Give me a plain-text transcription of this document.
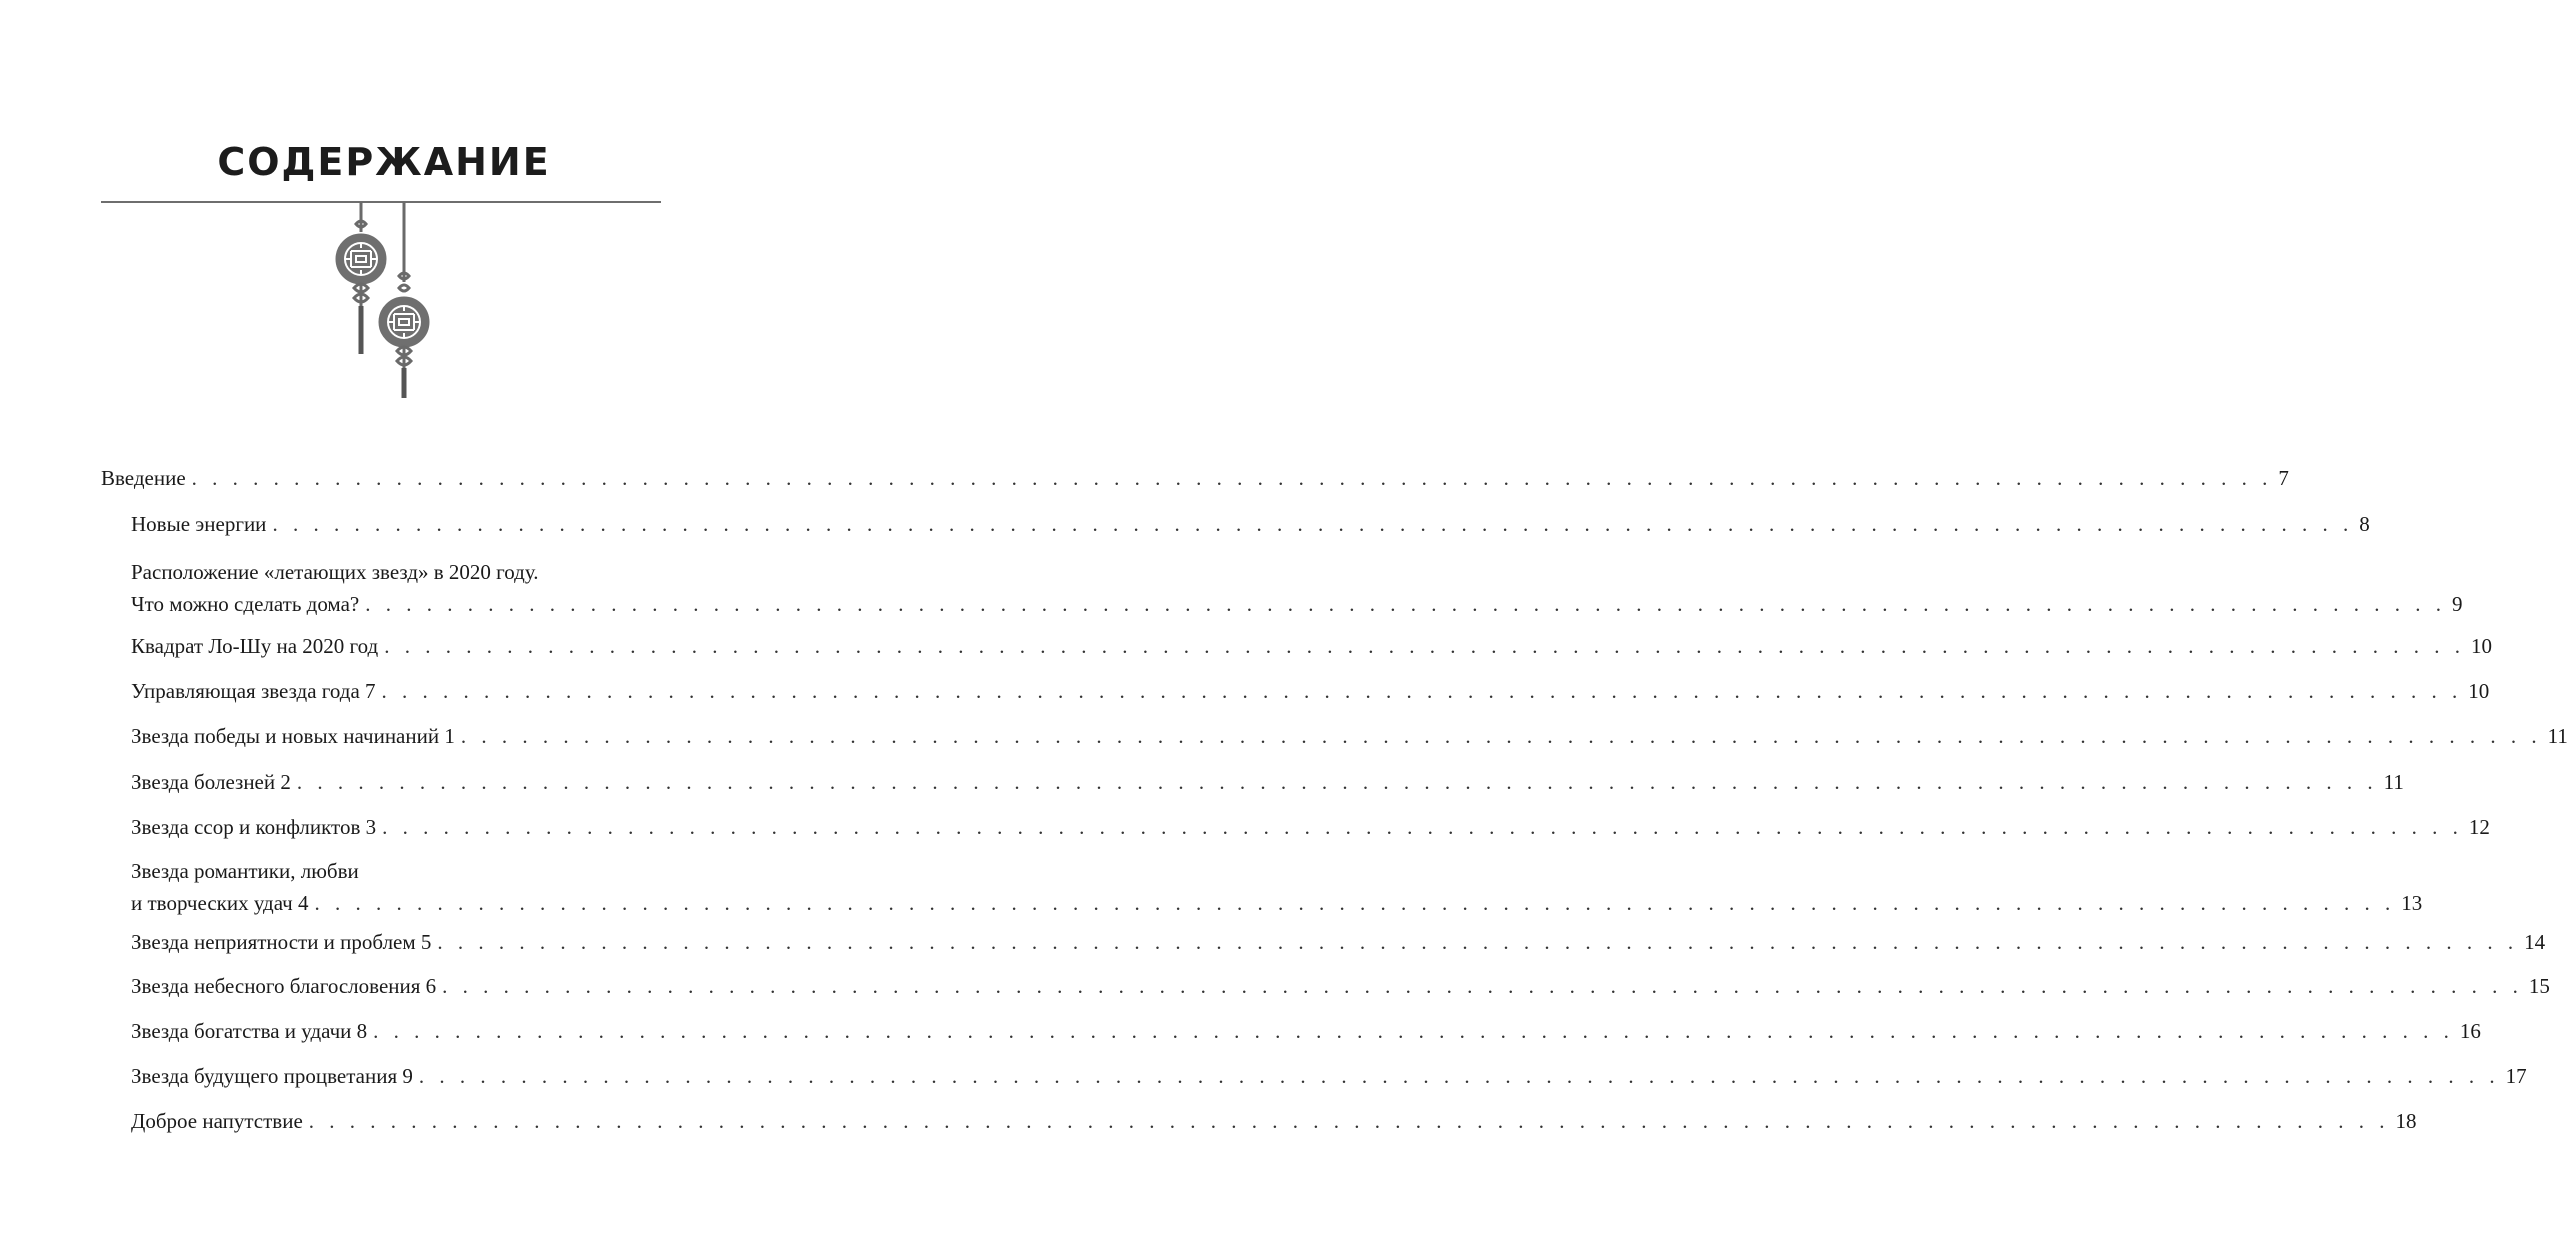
СОДЕРЖАНИЕ
Введение . . . . . . . . . . . . . . . . . . . . . . . . . . . . . . . . . . . . . . . . . . . . . . . . . . . . . . . . . . . . . . . . . . . . . . . . . . . . . . . . . . . . . . . . . . . . . . . . . . . . . . 7
Новые энергии . . . . . . . . . . . . . . . . . . . . . . . . . . . . . . . . . . . . . . . . . . . . . . . . . . . . . . . . . . . . . . . . . . . . . . . . . . . . . . . . . . . . . . . . . . . . . . . . . . . . . . 8
Расположение «летающих звезд» в 2020 году.
Что можно сделать дома? . . . . . . . . . . . . . . . . . . . . . . . . . . . . . . . . . . . . . . . . . . . . . . . . . . . . . . . . . . . . . . . . . . . . . . . . . . . . . . . . . . . . . . . . . . . . . . . . . . . . . . 9
Квадрат Ло-Шу на 2020 год . . . . . . . . . . . . . . . . . . . . . . . . . . . . . . . . . . . . . . . . . . . . . . . . . . . . . . . . . . . . . . . . . . . . . . . . . . . . . . . . . . . . . . . . . . . . . . . . . . . . . . 10
Управляющая звезда года 7 . . . . . . . . . . . . . . . . . . . . . . . . . . . . . . . . . . . . . . . . . . . . . . . . . . . . . . . . . . . . . . . . . . . . . . . . . . . . . . . . . . . . . . . . . . . . . . . . . . . . . . 10
Звезда победы и новых начинаний 1 . . . . . . . . . . . . . . . . . . . . . . . . . . . . . . . . . . . . . . . . . . . . . . . . . . . . . . . . . . . . . . . . . . . . . . . . . . . . . . . . . . . . . . . . . . . . . . . . . . . . . . 11
Звезда болезней 2 . . . . . . . . . . . . . . . . . . . . . . . . . . . . . . . . . . . . . . . . . . . . . . . . . . . . . . . . . . . . . . . . . . . . . . . . . . . . . . . . . . . . . . . . . . . . . . . . . . . . . . 11
Звезда ссор и конфликтов 3 . . . . . . . . . . . . . . . . . . . . . . . . . . . . . . . . . . . . . . . . . . . . . . . . . . . . . . . . . . . . . . . . . . . . . . . . . . . . . . . . . . . . . . . . . . . . . . . . . . . . . . 12
Звезда романтики, любви
и творческих удач 4 . . . . . . . . . . . . . . . . . . . . . . . . . . . . . . . . . . . . . . . . . . . . . . . . . . . . . . . . . . . . . . . . . . . . . . . . . . . . . . . . . . . . . . . . . . . . . . . . . . . . . . 13
Звезда неприятности и проблем 5 . . . . . . . . . . . . . . . . . . . . . . . . . . . . . . . . . . . . . . . . . . . . . . . . . . . . . . . . . . . . . . . . . . . . . . . . . . . . . . . . . . . . . . . . . . . . . . . . . . . . . . 14
Звезда небесного благословения 6 . . . . . . . . . . . . . . . . . . . . . . . . . . . . . . . . . . . . . . . . . . . . . . . . . . . . . . . . . . . . . . . . . . . . . . . . . . . . . . . . . . . . . . . . . . . . . . . . . . . . . . 15
Звезда богатства и удачи 8 . . . . . . . . . . . . . . . . . . . . . . . . . . . . . . . . . . . . . . . . . . . . . . . . . . . . . . . . . . . . . . . . . . . . . . . . . . . . . . . . . . . . . . . . . . . . . . . . . . . . . . 16
Звезда будущего процветания 9 . . . . . . . . . . . . . . . . . . . . . . . . . . . . . . . . . . . . . . . . . . . . . . . . . . . . . . . . . . . . . . . . . . . . . . . . . . . . . . . . . . . . . . . . . . . . . . . . . . . . . . 17
Доброе напутствие . . . . . . . . . . . . . . . . . . . . . . . . . . . . . . . . . . . . . . . . . . . . . . . . . . . . . . . . . . . . . . . . . . . . . . . . . . . . . . . . . . . . . . . . . . . . . . . . . . . . . . 18
